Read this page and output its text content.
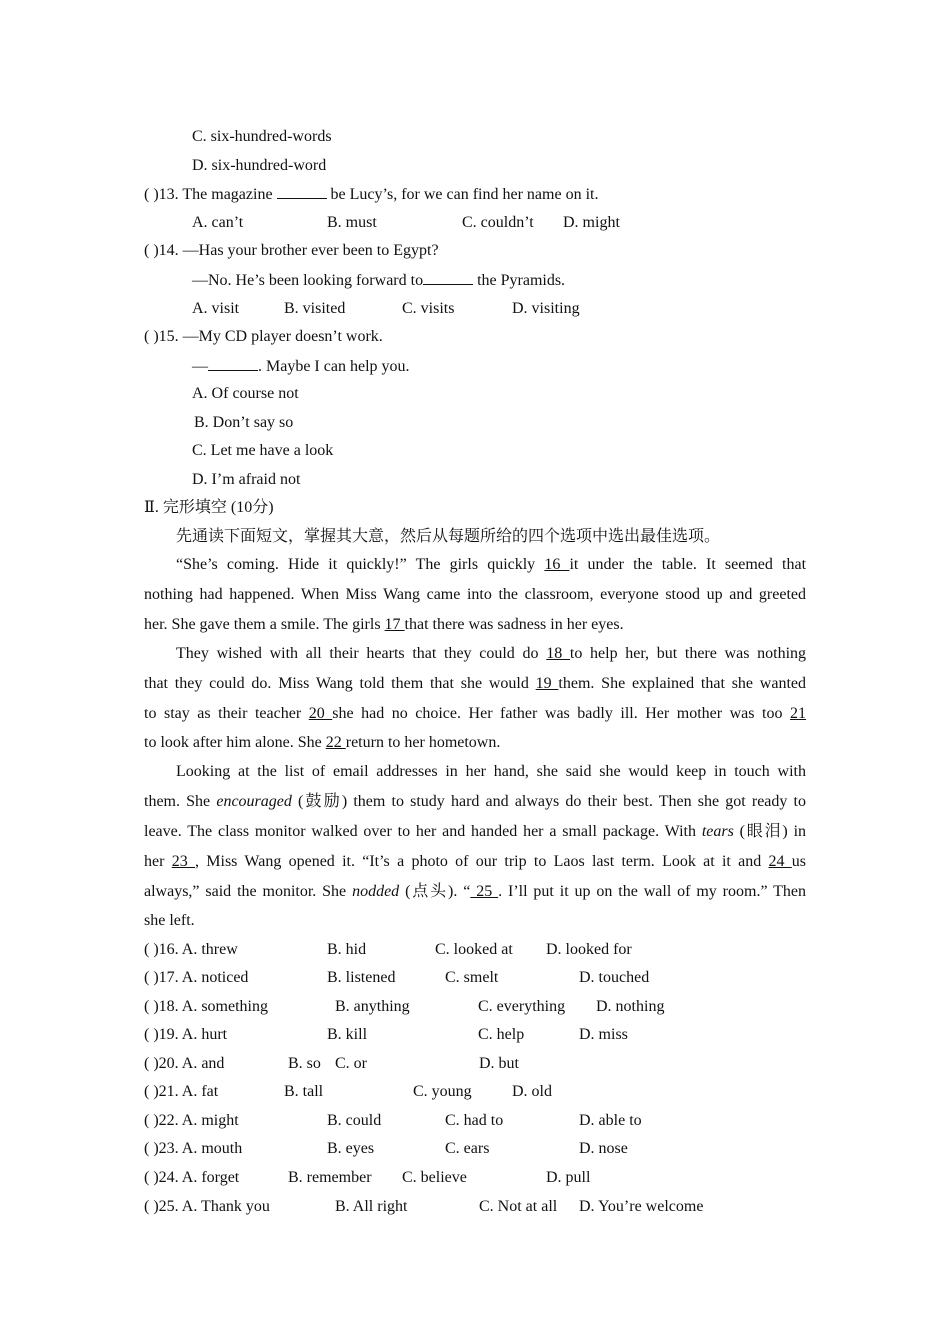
C. six-hundred-words
D. six-hundred-word
( )13. The magazine	be Lucy’s, for we can find her name on it.
A. can’t	B. must	C. couldn’t D. might
( )14. —Has your brother ever been to Egypt?
—No. He’s been looking forward to	the Pyramids.
A. visit	B. visited	C. visits	D. visiting
( )15. —My CD player doesn’t work.
—	. Maybe I can help you.
A. Of course not
B. Don’t say so
C. Let me have a look
D. I’m afraid not
Ⅱ. 完形填空 (10分)
先通读下面短文，掌握其大意，然后从每题所给的四个选项中选出最佳选项。
“She’s coming. Hide it quickly!” The girls quickly 16 it under the table. It seemed that
nothing had happened. When Miss Wang came into the classroom, everyone stood up and greeted
her. She gave them a smile. The girls 17 that there was sadness in her eyes.
They wished with all their hearts that they could do 18 to help her, but there was nothing
that they could do. Miss Wang told them that she would 19 them. She explained that she wanted
to stay as their teacher 20 she had no choice. Her father was badly ill. Her mother was too 21
to look after him alone. She 22 return to her hometown.
Looking at the list of email addresses in her hand, she said she would keep in touch with
them. She encouraged (鼓励) them to study hard and always do their best. Then she got ready to
leave. The class monitor walked over to her and handed her a small package. With tears (眼泪) in
her 23 , Miss Wang opened it. “It’s a photo of our trip to Laos last term. Look at it and 24 us
always,” said the monitor. She nodded (点头). “ 25 . I’ll put it up on the wall of my room.” Then
she left.
( )16. A. threw	B. hid	C. looked at D. looked for
( )17. A. noticed	B. listened	C. smelt	D. touched
( )18. A. something	B. anything	C. everything D. nothing
( )19. A. hurt	B. kill	C. help	D. miss
( )20. A. and	B. so C. or	D. but
( )21. A. fat	B. tall	C. young	D. old
( )22. A. might	B. could	C. had to	D. able to
( )23. A. mouth	B. eyes	C. ears	D. nose
( )24. A. forget	B. remember C. believe	D. pull
( )25. A. Thank you	B. All right	C. Not at all D. You’re welcome
